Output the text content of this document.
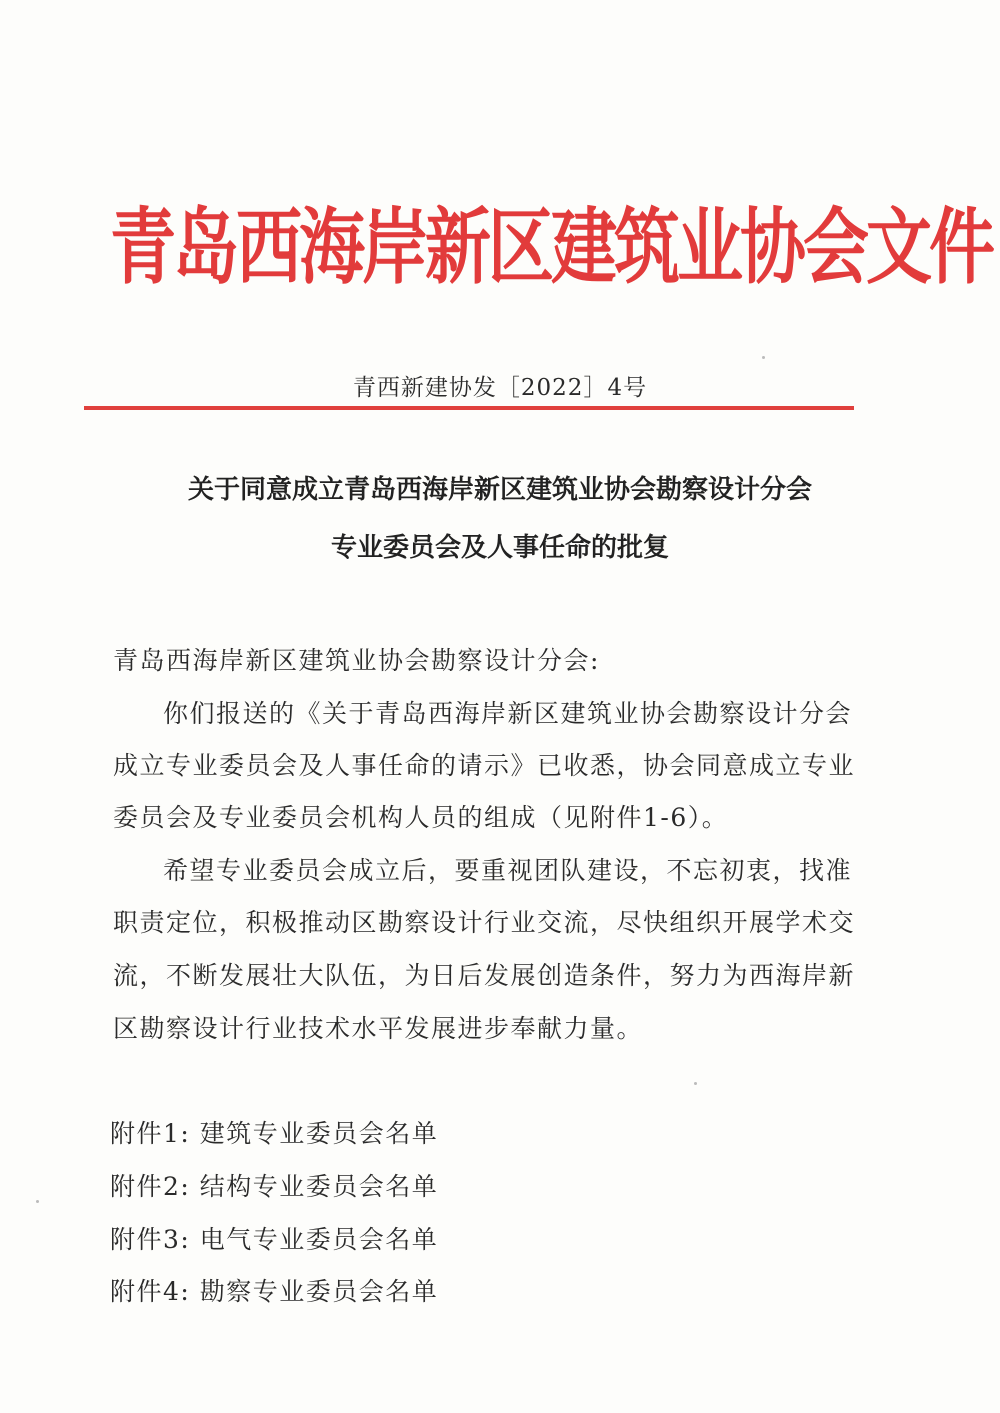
青岛西海岸新区建筑业协会文件
青西新建协发［2022］4号
关于同意成立青岛西海岸新区建筑业协会勘察设计分会
专业委员会及人事任命的批复
青岛西海岸新区建筑业协会勘察设计分会:
你们报送的《关于青岛西海岸新区建筑业协会勘察设计分会
成立专业委员会及人事任命的请示》已收悉，协会同意成立专业
委员会及专业委员会机构人员的组成（见附件1-6）。
希望专业委员会成立后，要重视团队建设，不忘初衷，找准
职责定位，积极推动区勘察设计行业交流，尽快组织开展学术交
流，不断发展壮大队伍，为日后发展创造条件，努力为西海岸新
区勘察设计行业技术水平发展进步奉献力量。
附件1: 建筑专业委员会名单
附件2: 结构专业委员会名单
附件3: 电气专业委员会名单
附件4: 勘察专业委员会名单
